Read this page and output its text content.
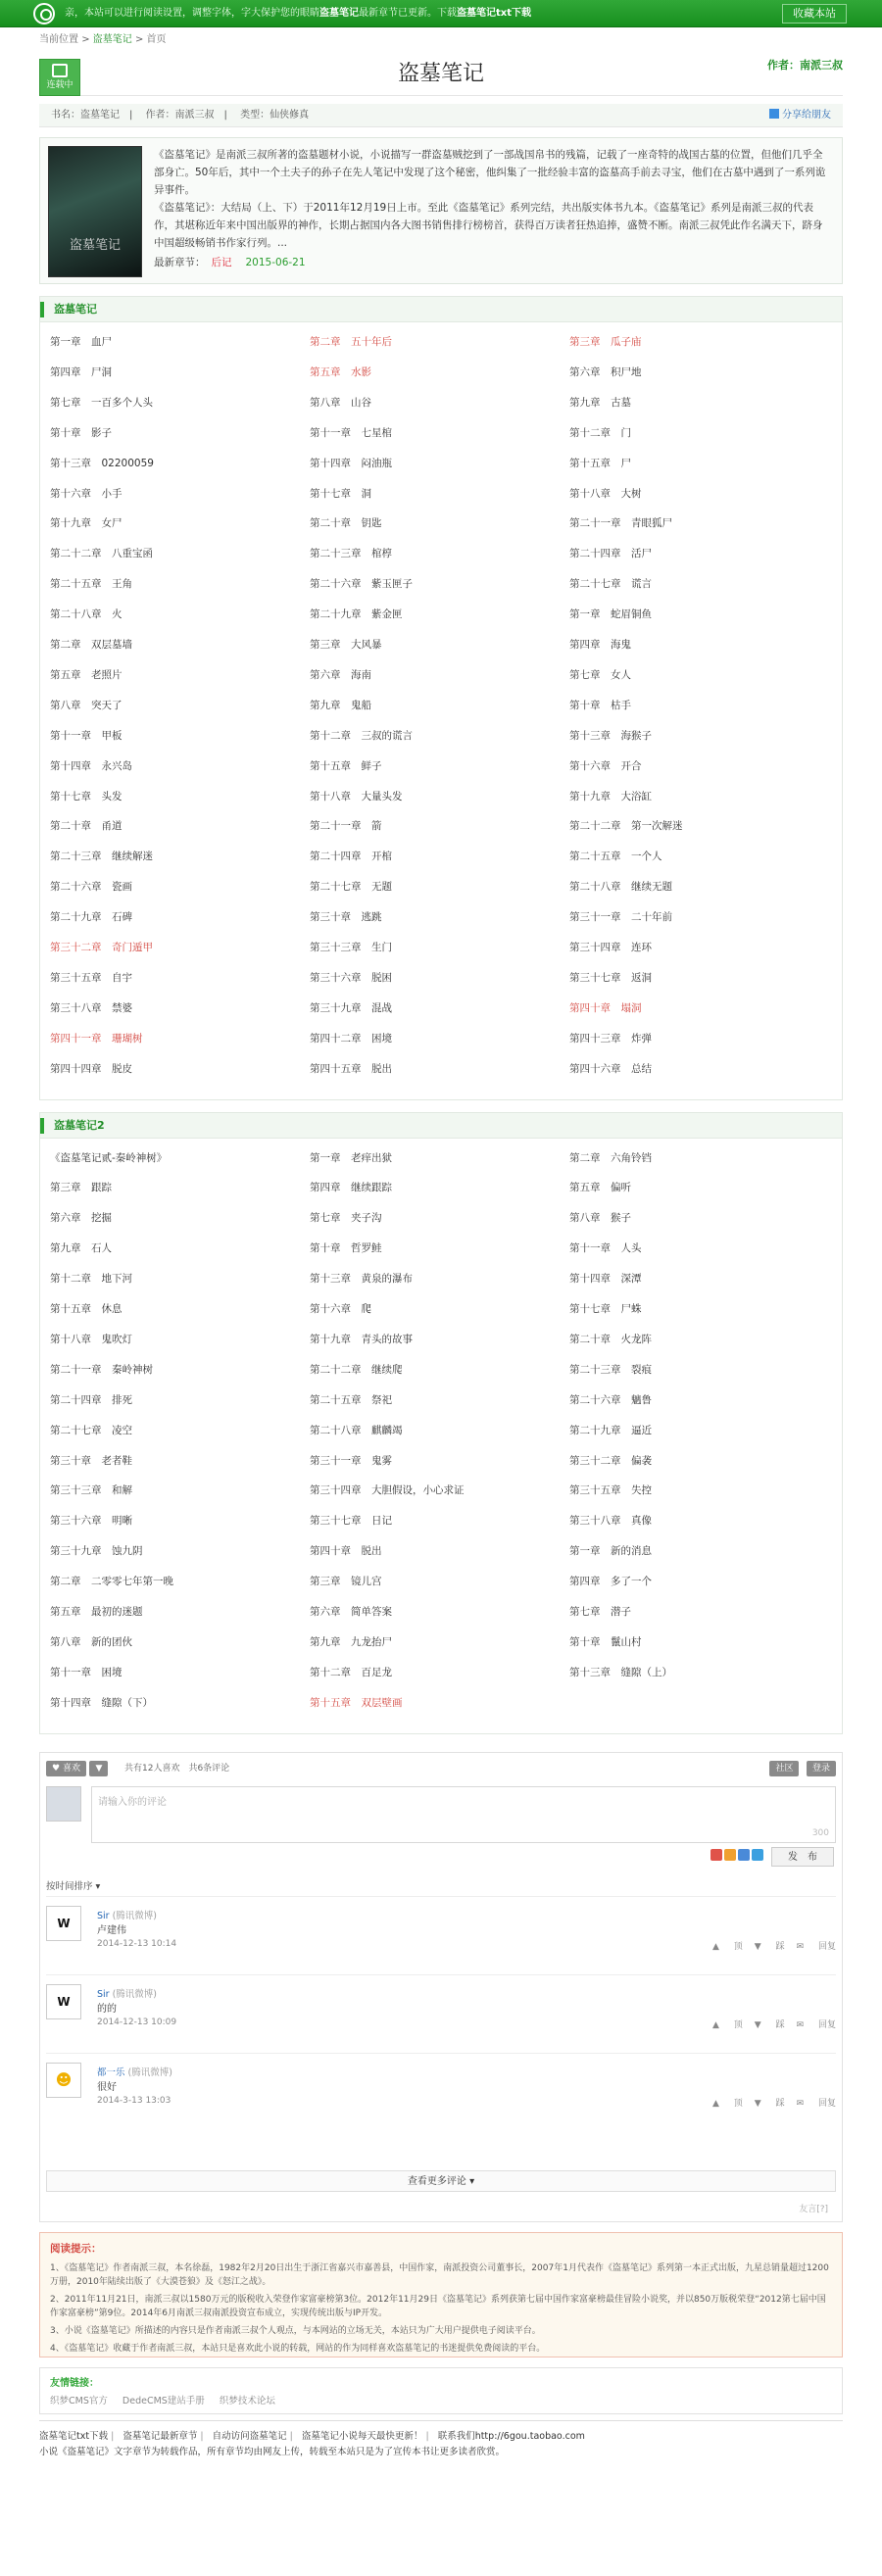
亲，本站可以进行阅读设置，调整字体，字大保护您的眼睛盗墓笔记最新章节已更新。下载盗墓笔记txt下载	收藏本站
当前位置 > 盗墓笔记 > 首页
连载中	盗墓笔记	作者：南派三叔
书名：盗墓笔记　|　 作者：南派三叔　|　 类型：仙侠修真	分享给朋友
盗墓笔记

《盗墓笔记》是南派三叔所著的盗墓题材小说，小说描写一群盗墓贼挖到了一部战国帛书的残篇，记载了一座奇特的战国古墓的位置，但他们几乎全部身亡。50年后，其中一个土夫子的孙子在先人笔记中发现了这个秘密，他纠集了一批经验丰富的盗墓高手前去寻宝，他们在古墓中遇到了一系列诡异事件。

《盗墓笔记》：大结局（上、下）于2011年12月19日上市。至此《盗墓笔记》系列完结，共出版实体书九本。《盗墓笔记》系列是南派三叔的代表作，其堪称近年来中国出版界的神作，长期占据国内各大图书销售排行榜榜首，获得百万读者狂热追捧，盛赞不断。南派三叔凭此作名满天下，跻身中国超级畅销书作家行列。...

最新章节： 后记 2015-06-21

盗墓笔记
第一章　血尸	第二章　五十年后	第三章　瓜子庙
第四章　尸洞	第五章　水影	第六章　积尸地
第七章　一百多个人头	第八章　山谷	第九章　古墓
第十章　影子	第十一章　七星棺	第十二章　门
第十三章　02200059	第十四章　闷油瓶	第十五章　尸
第十六章　小手	第十七章　洞	第十八章　大树
第十九章　女尸	第二十章　钥匙	第二十一章　青眼狐尸
第二十二章　八重宝函	第二十三章　棺椁	第二十四章　活尸
第二十五章　王角	第二十六章　紫玉匣子	第二十七章　谎言
第二十八章　火	第二十九章　紫金匣	第一章　蛇眉铜鱼
第二章　双层墓墙	第三章　大风暴	第四章　海鬼
第五章　老照片	第六章　海南	第七章　女人
第八章　突天了	第九章　鬼船	第十章　枯手
第十一章　甲板	第十二章　三叔的谎言	第十三章　海猴子
第十四章　永兴岛	第十五章　鲜子	第十六章　开合
第十七章　头发	第十八章　大量头发	第十九章　大浴缸
第二十章　甬道	第二十一章　箭	第二十二章　第一次解迷
第二十三章　继续解迷	第二十四章　开棺	第二十五章　一个人
第二十六章　瓷画	第二十七章　无题	第二十八章　继续无题
第二十九章　石碑	第三十章　逃跳	第三十一章　二十年前
第三十二章　奇门遁甲	第三十三章　生门	第三十四章　连环
第三十五章　自宇	第三十六章　脱困	第三十七章　返洞
第三十八章　禁婆	第三十九章　混战	第四十章　塌洞
第四十一章　珊瑚树	第四十二章　困境	第四十三章　炸弹
第四十四章　脱皮	第四十五章　脱出	第四十六章　总结
盗墓笔记2
《盗墓笔记贰-秦岭神树》	第一章　老痒出狱	第二章　六角铃铛
第三章　跟踪	第四章　继续跟踪	第五章　偏听
第六章　挖掘	第七章　夹子沟	第八章　猴子
第九章　石人	第十章　哲罗鲑	第十一章　人头
第十二章　地下河	第十三章　黄泉的瀑布	第十四章　深潭
第十五章　休息	第十六章　爬	第十七章　尸蛛
第十八章　鬼吹灯	第十九章　青头的故事	第二十章　火龙阵
第二十一章　秦岭神树	第二十二章　继续爬	第二十三章　裂痕
第二十四章　排死	第二十五章　祭祀	第二十六章　魑鲁
第二十七章　凌空	第二十八章　麒麟竭	第二十九章　逼近
第三十章　老者鞋	第三十一章　鬼雾	第三十二章　偏袭
第三十三章　和解	第三十四章　大胆假设，小心求证	第三十五章　失控
第三十六章　明晰	第三十七章　日记	第三十八章　真像
第三十九章　蚀九阴	第四十章　脱出	第一章　新的消息
第二章　二零零七年第一晚	第三章　镜儿宫	第四章　多了一个
第五章　最初的迷题	第六章　简单答案	第七章　潜子
第八章　新的团伙	第九章　九龙抬尸	第十章　鬣山村
第十一章　困境	第十二章　百足龙	第十三章　缝隙（上）
第十四章　缝隙（下）	第十五章　双层壁画
♥ 喜欢 ▼	共有12人喜欢　共6条评论	社区 登录
请输入你的评论
300
发　布
按时间排序 ▾
W
Sir (腾讯微博)
卢建伟
2014-12-13 10:14	▲ 顶 ▼ 踩 ✉ 回复
W
Sir (腾讯微博)
的的
2014-12-13 10:09	▲ 顶 ▼ 踩 ✉ 回复
☻	都一乐 (腾讯微博)
很好
2014-3-13 13:03	▲ 顶 ▼ 踩 ✉ 回复
查看更多评论 ▾
友言[?]
阅读提示：

1、《盗墓笔记》作者南派三叔，本名徐磊，1982年2月20日出生于浙江省嘉兴市嘉善县，中国作家，南派投资公司董事长，2007年1月代表作《盗墓笔记》系列第一本正式出版，九星总销量超过1200万册，2010年陆续出版了《大漠苍狼》及《怒江之战》。

2、2011年11月21日，南派三叔以1580万元的版税收入荣登作家富豪榜第3位。2012年11月29日《盗墓笔记》系列获第七届中国作家富豪榜最佳冒险小说奖，并以850万版税荣登“2012第七届中国作家富豪榜”第9位。2014年6月南派三叔南派投资宣布成立，实现传统出版与IP开发。

3、小说《盗墓笔记》所描述的内容只是作者南派三叔个人观点，与本网站的立场无关，本站只为广大用户提供电子阅读平台。

4、《盗墓笔记》收藏于作者南派三叔，本站只是喜欢此小说的转载，网站的作为同样喜欢盗墓笔记的书迷提供免费阅读的平台。

友情链接：
织梦CMS官方 DedeCMS建站手册 织梦技术论坛
盗墓笔记txt下载 | 盗墓笔记最新章节 | 自动访问盗墓笔记 | 盗墓笔记小说每天最快更新！ | 联系我们http://6gou.taobao.com
小说《盗墓笔记》文字章节为转载作品，所有章节均由网友上传，转载至本站只是为了宣传本书让更多读者欣赏。
